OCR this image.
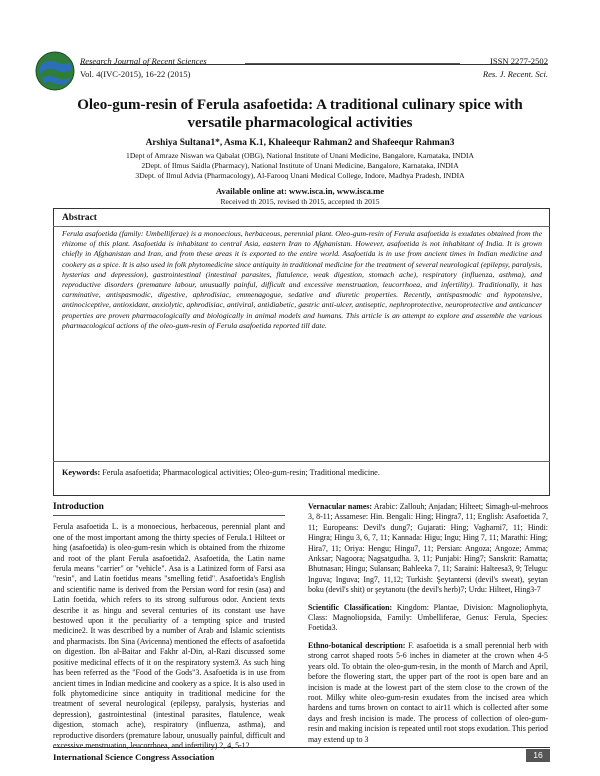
Research Journal of Recent Sciences	ISSN 2277-2502
Vol. 4(IVC-2015), 16-22 (2015)	Res. J. Recent. Sci.
Oleo-gum-resin of Ferula asafoetida: A traditional culinary spice with versatile pharmacological activities
Arshiya Sultana1*, Asma K.1, Khaleequr Rahman2 and Shafeequr Rahman3
1Dept of Amraze Niswan wa Qabalat (OBG), National Institute of Unani Medicine, Bangalore, Karnataka, INDIA
2Dept. of Ilmus Saidla (Pharmacy), National Institute of Unani Medicine, Bangalore, Karnataka, INDIA
3Dept. of Ilmul Advia (Pharmacology), Al-Farooq Unani Medical College, Indore, Madhya Pradesh, INDIA
Available online at: www.isca.in, www.isca.me
Received th 2015, revised th 2015, accepted th 2015
Abstract
Ferula asafoetida (family: Umbelliferae) is a monoecious, herbaceous, perennial plant. Oleo-gum-resin of Ferula asafoetida is exudates obtained from the rhizome of this plant. Asafoetida is inhabitant to central Asia, eastern Iran to Afghanistan. However, asafoetida is not inhabitant of India. It is grown chiefly in Afghanistan and Iran, and from these areas it is exported to the entire world. Asafoetida is in use from ancient times in Indian medicine and cookery as a spice. It is also used in folk phytomedicine since antiquity in traditional medicine for the treatment of several neurological (epilepsy, paralysis, hysterias and depression), gastrointestinal (intestinal parasites, flatulence, weak digestion, stomach ache), respiratory (influenza, asthma), and reproductive disorders (premature labour, unusually painful, difficult and excessive menstruation, leucorrhoea, and infertility). Traditionally, it has carminative, antispasmodic, digestive, aphrodisiac, emmenagogue, sedative and diuretic properties. Recently, antispasmodic and hypotensive, antinociceptive, antioxidant, anxiolytic, aphrodisiac, antiviral, antidiabetic, gastric anti-ulcer, antiseptic, nephroprotective, neuroprotective and anticancer properties are proven pharmacologically and biologically in animal models and humans. This article is an attempt to explore and assemble the various pharmacological actions of the oleo-gum-resin of Ferula asafoetida reported till date.
Keywords: Ferula asafoetida; Pharmacological activities; Oleo-gum-resin; Traditional medicine.
Introduction

Ferula asafoetida L. is a monoecious, herbaceous, perennial plant and one of the most important among the thirty species of Ferula.1 Hilteet or hing (asafoetida) is oleo-gum-resin which is obtained from the rhizome and root of the plant Ferula asafoetida2. Asafoetida, the Latin name ferula means "carrier" or "vehicle". Asa is a Latinized form of Farsi asa "resin", and Latin foetidus means "smelling fetid". Asafoetida's English and scientific name is derived from the Persian word for resin (asa) and Latin foetida, which refers to its strong sulfurous odor. Ancient texts describe it as hingu and several centuries of its constant use have bestowed upon it the peculiarity of a tempting spice and trusted medicine2. It was described by a number of Arab and Islamic scientists and pharmacists. Ibn Sina (Avicenna) mentioned the effects of asafoetida on digestion. Ibn al-Baitar and Fakhr al-Din, al-Razi discussed some positive medicinal effects of it on the respiratory system3. As such hing has been referred as the "Food of the Gods"3. Asafoetida is in use from ancient times in Indian medicine and cookery as a spice. It is also used in folk phytomedicine since antiquity in traditional medicine for the treatment of several neurological (epilepsy, paralysis, hysterias and depression), gastrointestinal (intestinal parasites, flatulence, weak digestion, stomach ache), respiratory (influenza, asthma), and reproductive disorders (premature labour, unusually painful, difficult and excessive menstruation, leucorrhoea, and infertility) 2, 4, 5-12.

Vernacular names: Arabic: Zallouh; Anjadan; Hilteet; Simagh-ul-mehroos 3, 8-11; Assamese: Hin. Bengali: Hing; Hingra7, 11; English: Asafoetida 7, 11; Europeans: Devil's dung7; Gujarati: Hing; Vagharni7, 11; Hindi: Hingra; Hingu 3, 6, 7, 11; Kannada: Higu; Ingu; Hing 7, 11; Marathi: Hing; Hira7, 11; Oriya: Hengu; Hingu7, 11; Persian: Angoza; Angoze; Amma; Anksar; Nagoora; Nagsatgudha. 3, 11; Punjabi: Hing7; Sanskrit: Ramatta; Bhutnasan; Hingu; Sulansan; Bahleeka 7, 11; Saraini: Halteesa3, 9; Telugu: Inguva; Inguva; Ing7, 11,12; Turkish: Şeytantersi (devil's sweat), şeytan boku (devil's shit) or şeytanotu (the devil's herb)7; Urdu: Hilteet, Hing3-7

Scientific Classification: Kingdom: Plantae, Division: Magnoliophyta, Class: Magnoliopsida, Family: Umbelliferae, Genus: Ferula, Species: Foetida3.

Ethno-botanical description: F. asafoetida is a small perennial herb with strong carrot shaped roots 5-6 inches in diameter at the crown when 4-5 years old. To obtain the oleo-gum-resin, in the month of March and April, before the flowering start, the upper part of the root is open bare and an incision is made at the lowest part of the stem close to the crown of the root. Milky white oleo-gum-resin exudates from the incised area which hardens and turns brown on contact to air11 which is collected after some days and fresh incision is made. The process of collection of oleo-gum-resin and making incision is repeated until root stops exudation. This period may extend up to 3

International Science Congress Association	16
